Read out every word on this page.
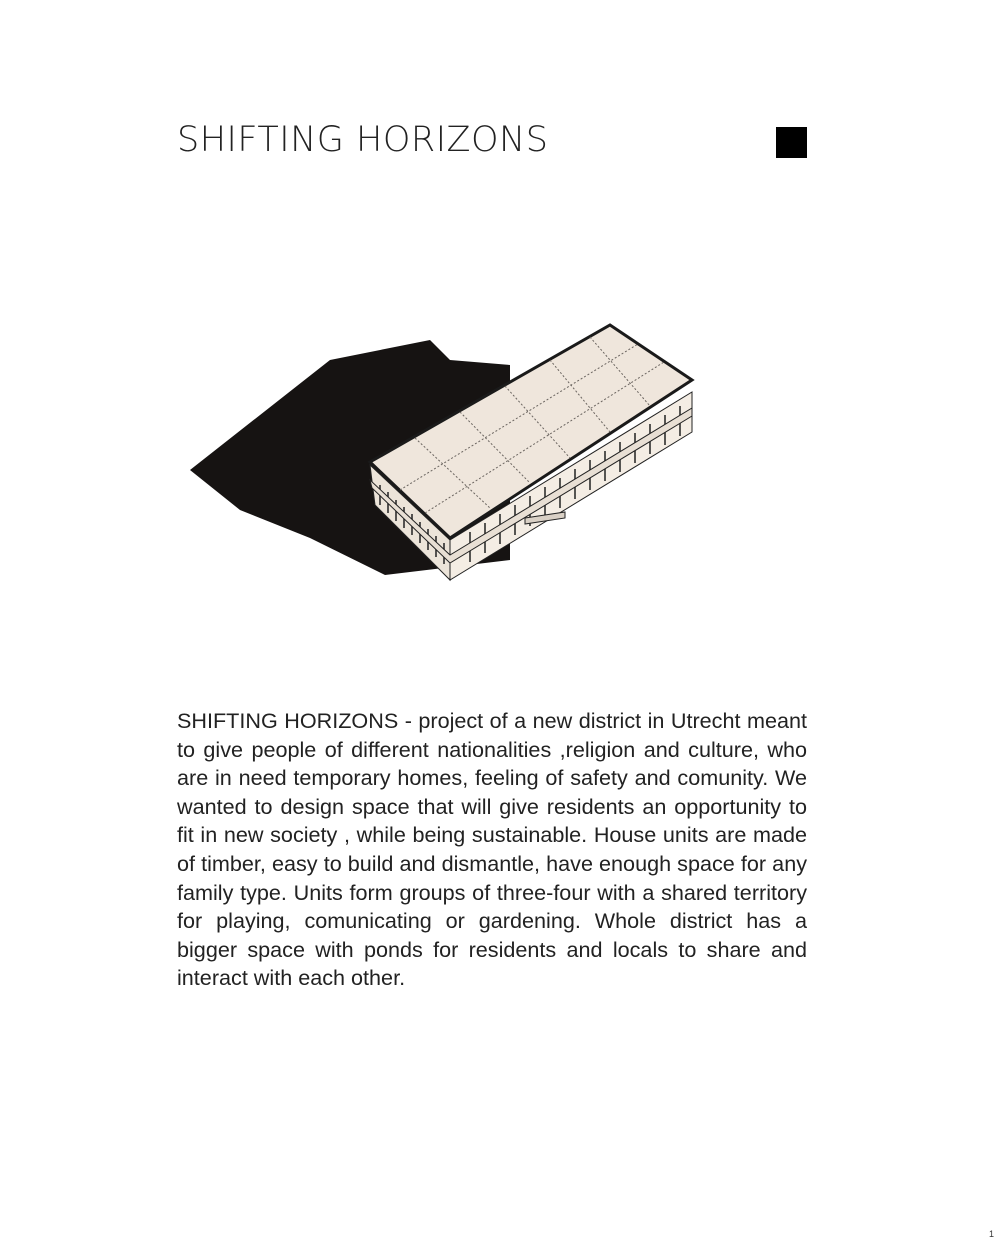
SHIFTING HORIZONS

SHIFTING HORIZONS - project of a new district in Utrecht meant to give people of different nationalities ,religion and culture, who are in need temporary homes, feeling of safety and comunity. We wanted to design space that will give residents an opportunity to fit in new society , while being sustainable. House units are made of timber, easy to build and dismantle, have enough space for any family type. Units form groups of three-four with a shared territory for playing, comunicating or gardening. Whole district has a bigger space with ponds for residents and locals to share and interact with each other.

1
